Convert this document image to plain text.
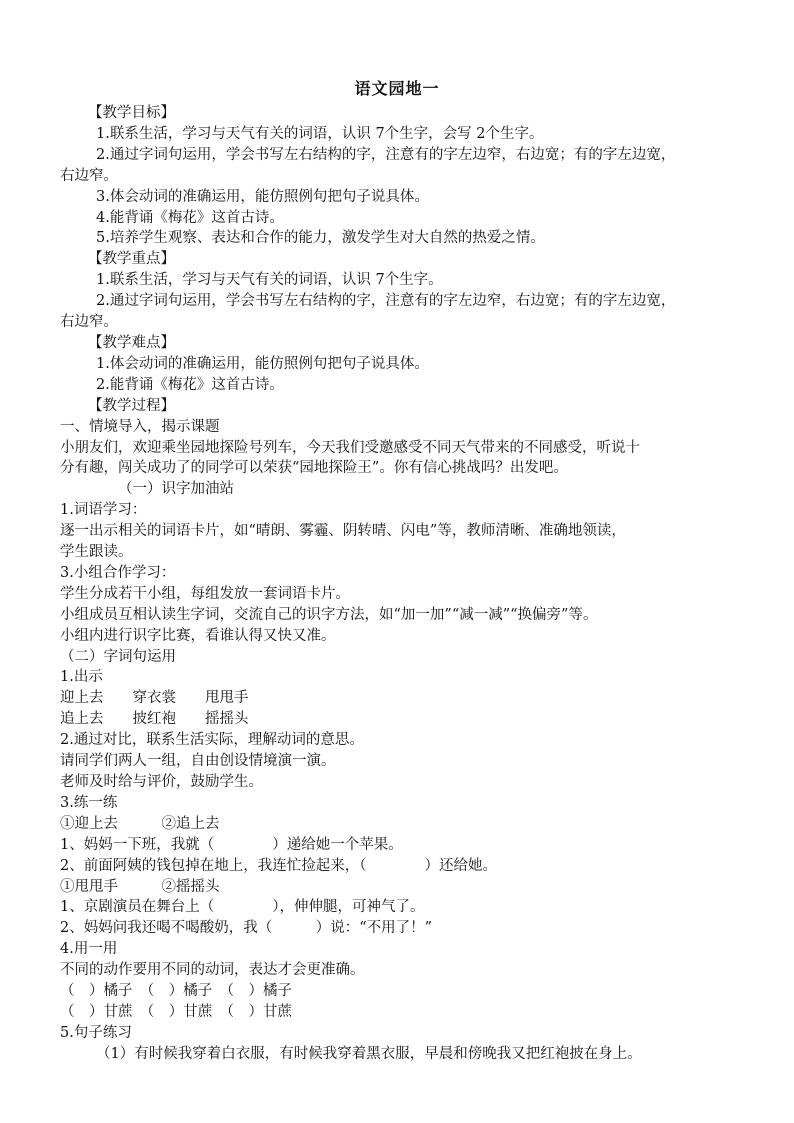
语文园地一
【教学目标】
1.联系生活，学习与天气有关的词语，认识 7个生字，会写 2个生字。
2.通过字词句运用，学会书写左右结构的字，注意有的字左边窄，右边宽；有的字左边宽，
右边窄。
3.体会动词的准确运用，能仿照例句把句子说具体。
4.能背诵《梅花》这首古诗。
5.培养学生观察、表达和合作的能力，激发学生对大自然的热爱之情。
【教学重点】
1.联系生活，学习与天气有关的词语，认识 7个生字。
2.通过字词句运用，学会书写左右结构的字，注意有的字左边窄，右边宽；有的字左边宽，
右边窄。
【教学难点】
1.体会动词的准确运用，能仿照例句把句子说具体。
2.能背诵《梅花》这首古诗。
【教学过程】
一、情境导入，揭示课题
小朋友们，欢迎乘坐园地探险号列车，今天我们受邀感受不同天气带来的不同感受，听说十
分有趣，闯关成功了的同学可以荣获“园地探险王”。你有信心挑战吗？出发吧。
（一）识字加油站
1.词语学习：
逐一出示相关的词语卡片，如“晴朗、雾霾、阴转晴、闪电”等，教师清晰、准确地领读，
学生跟读。
3.小组合作学习：
学生分成若干小组，每组发放一套词语卡片。
小组成员互相认读生字词，交流自己的识字方法，如“加一加”“减一减”“换偏旁”等。
小组内进行识字比赛，看谁认得又快又准。
（二）字词句运用
1.出示
迎上去　　穿衣裳　　甩甩手
追上去　　披红袍　　摇摇头
2.通过对比，联系生活实际，理解动词的意思。
请同学们两人一组，自由创设情境演一演。
老师及时给与评价，鼓励学生。
3.练一练
①迎上去　　　②追上去
1、妈妈一下班，我就（　　　　）递给她一个苹果。
2、前面阿姨的钱包掉在地上，我连忙捡起来，（　　　　）还给她。
①甩甩手　　　②摇摇头
1、京剧演员在舞台上（　　　　），伸伸腿，可神气了。
2、妈妈问我还喝不喝酸奶，我（　　　）说：“不用了！”
4.用一用
不同的动作要用不同的动词，表达才会更准确。
（　）橘子　（　）橘子　（　）橘子
（　）甘蔗　（　）甘蔗　（　）甘蔗
5.句子练习
（1）有时候我穿着白衣服，有时候我穿着黑衣服，早晨和傍晚我又把红袍披在身上。
